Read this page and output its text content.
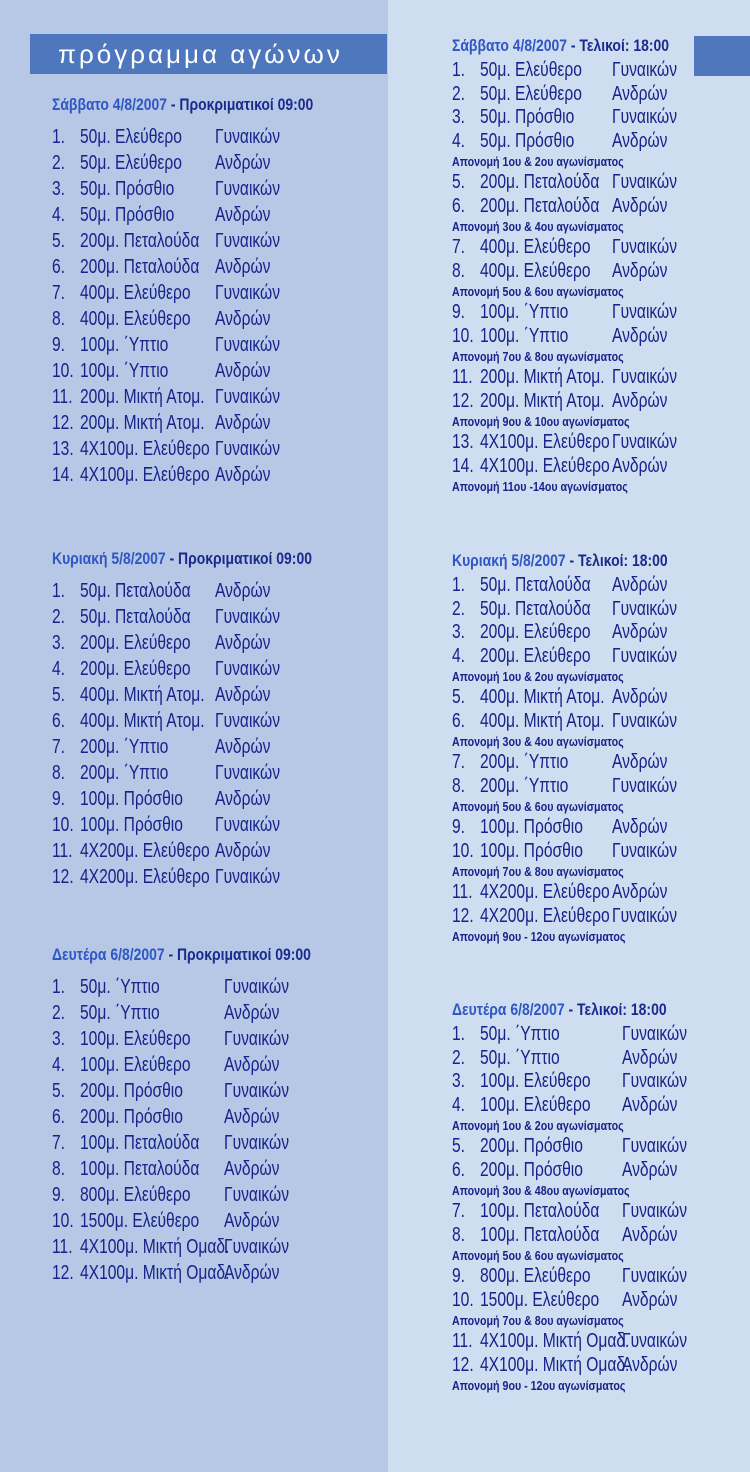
πρόγραμμα αγώνων
Σάββατο 4/8/2007 - Προκριματικοί 09:00
1. 50μ. Ελεύθερο Γυναικών
2. 50μ. Ελεύθερο Ανδρών
3. 50μ. Πρόσθιο Γυναικών
4. 50μ. Πρόσθιο Ανδρών
5. 200μ. Πεταλούδα Γυναικών
6. 200μ. Πεταλούδα Ανδρών
7. 400μ. Ελεύθερο Γυναικών
8. 400μ. Ελεύθερο Ανδρών
9. 100μ. ΄Υπτιο Γυναικών
10. 100μ. ΄Υπτιο Ανδρών
11. 200μ. Μικτή Ατομ. Γυναικών
12. 200μ. Μικτή Ατομ. Ανδρών
13. 4Χ100μ. Ελεύθερο Γυναικών
14. 4Χ100μ. Ελεύθερο Ανδρών
Κυριακή 5/8/2007 - Προκριματικοί 09:00
1. 50μ. Πεταλούδα Ανδρών
2. 50μ. Πεταλούδα Γυναικών
3. 200μ. Ελεύθερο Ανδρών
4. 200μ. Ελεύθερο Γυναικών
5. 400μ. Μικτή Ατομ. Ανδρών
6. 400μ. Μικτή Ατομ. Γυναικών
7. 200μ. ΄Υπτιο Ανδρών
8. 200μ. ΄Υπτιο Γυναικών
9. 100μ. Πρόσθιο Ανδρών
10. 100μ. Πρόσθιο Γυναικών
11. 4Χ200μ. Ελεύθερο Ανδρών
12. 4Χ200μ. Ελεύθερο Γυναικών
Δευτέρα 6/8/2007 - Προκριματικοί 09:00
1. 50μ. ΄Υπτιο	Γυναικών
2. 50μ. ΄Υπτιο	Ανδρών
3. 100μ. Ελεύθερο Γυναικών
4. 100μ. Ελεύθερο Ανδρών
5. 200μ. Πρόσθιο Γυναικών
6. 200μ. Πρόσθιο Ανδρών
7. 100μ. Πεταλούδα Γυναικών
8. 100μ. Πεταλούδα Ανδρών
9. 800μ. Ελεύθερο Γυναικών
10. 1500μ. Ελεύθερο Ανδρών
11. 4Χ100μ. Μικτή Ομαδ.
Γυναικών
12. 4Χ100μ. Μικτή Ομαδ.
Ανδρών
Σάββατο 4/8/2007 - Τελικοί: 18:00
1. 50μ. Ελεύθερο Γυναικών
2. 50μ. Ελεύθερο Ανδρών
3. 50μ. Πρόσθιο Γυναικών
4. 50μ. Πρόσθιο Ανδρών
Απονομή 1ου & 2ου αγωνίσματος
5. 200μ. Πεταλούδα Γυναικών
6. 200μ. Πεταλούδα Ανδρών
Απονομή 3ου & 4ου αγωνίσματος
7. 400μ. Ελεύθερο Γυναικών
8. 400μ. Ελεύθερο Ανδρών
Απονομή 5ου & 6ου αγωνίσματος
9. 100μ. ΄Υπτιο Γυναικών
10. 100μ. ΄Υπτιο Ανδρών
Απονομή 7ου & 8ου αγωνίσματος
11. 200μ. Μικτή Ατομ. Γυναικών
12. 200μ. Μικτή Ατομ. Ανδρών
Απονομή 9ου & 10ου αγωνίσματος
13. 4Χ100μ. Ελεύθερο Γυναικών
14. 4Χ100μ. Ελεύθερο Ανδρών
Απονομή 11ου -14ου αγωνίσματος
Κυριακή 5/8/2007 - Τελικοί: 18:00
1. 50μ. Πεταλούδα Ανδρών
2. 50μ. Πεταλούδα Γυναικών
3. 200μ. Ελεύθερο Ανδρών
4. 200μ. Ελεύθερο Γυναικών
Απονομή 1ου & 2ου αγωνίσματος
5. 400μ. Μικτή Ατομ. Ανδρών
6. 400μ. Μικτή Ατομ. Γυναικών
Απονομή 3ου & 4ου αγωνίσματος
7. 200μ. ΄Υπτιο Ανδρών
8. 200μ. ΄Υπτιο Γυναικών
Απονομή 5ου & 6ου αγωνίσματος
9. 100μ. Πρόσθιο Ανδρών
10. 100μ. Πρόσθιο Γυναικών
Απονομή 7ου & 8ου αγωνίσματος
11. 4Χ200μ. Ελεύθερο Ανδρών
12. 4Χ200μ. Ελεύθερο Γυναικών
Απονομή 9ου - 12ου αγωνίσματος
Δευτέρα 6/8/2007 - Τελικοί: 18:00
1. 50μ. ΄Υπτιο	Γυναικών
2. 50μ. ΄Υπτιο	Ανδρών
3. 100μ. Ελεύθερο Γυναικών
4. 100μ. Ελεύθερο Ανδρών
Απονομή 1ου & 2ου αγωνίσματος
5. 200μ. Πρόσθιο Γυναικών
6. 200μ. Πρόσθιο Ανδρών
Απονομή 3ου & 48ου αγωνίσματος
7. 100μ. Πεταλούδα Γυναικών
8. 100μ. Πεταλούδα Ανδρών
Απονομή 5ου & 6ου αγωνίσματος
9. 800μ. Ελεύθερο Γυναικών
10. 1500μ. Ελεύθερο Ανδρών
Απονομή 7ου & 8ου αγωνίσματος
11. 4Χ100μ. Μικτή Ομαδ.
Γυναικών
12. 4Χ100μ. Μικτή Ομαδ.
Ανδρών
Απονομή 9ου - 12ου αγωνίσματος
